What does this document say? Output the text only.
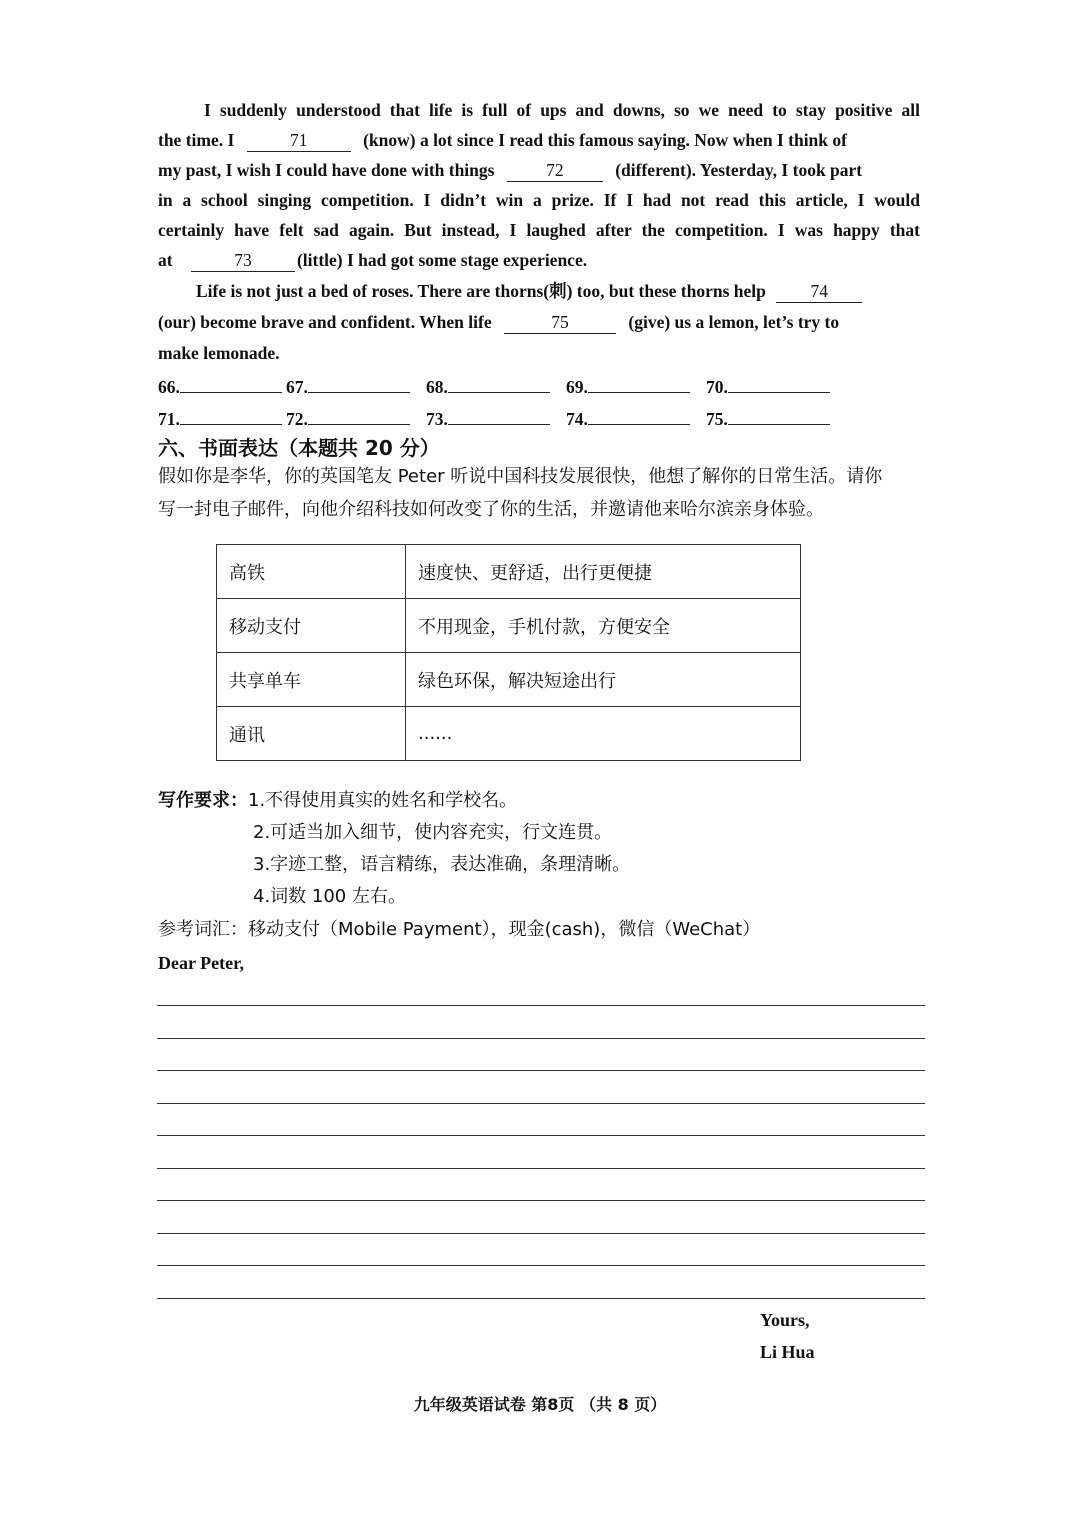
I suddenly understood that life is full of ups and downs, so we need to stay positive all
the time. I	71	(know) a lot since I read this famous saying. Now when I think of
my past, I wish I could have done with things	72	(different). Yesterday, I took part
in a school singing competition. I didn’t win a prize. If I had not read this article, I would
certainly have felt sad again. But instead, I laughed after the competition. I was happy that
at	73	(little) I had got some stage experience.
Life is not just a bed of roses. There are thorns(刺) too, but these thorns help	74
(our) become brave and confident. When life	75	(give) us a lemon, let’s try to
make lemonade.
66.	67.	68.	69.	70.
71.	72.	73.	74.	75.
六、书面表达（本题共 20 分）
假如你是李华，你的英国笔友 Peter 听说中国科技发展很快，他想了解你的日常生活。请你
写一封电子邮件，向他介绍科技如何改变了你的生活，并邀请他来哈尔滨亲身体验。
高铁	速度快、更舒适，出行更便捷
移动支付	不用现金，手机付款，方便安全
共享单车	绿色环保，解决短途出行
通讯	......
写作要求：1.不得使用真实的姓名和学校名。
2.可适当加入细节，使内容充实，行文连贯。
3.字迹工整，语言精练，表达准确，条理清晰。
4.词数 100 左右。
参考词汇：移动支付（Mobile Payment），现金(cash)，微信（WeChat）
Dear Peter,
Yours,
Li Hua
九年级英语试卷 第8页 （共 8 页）
